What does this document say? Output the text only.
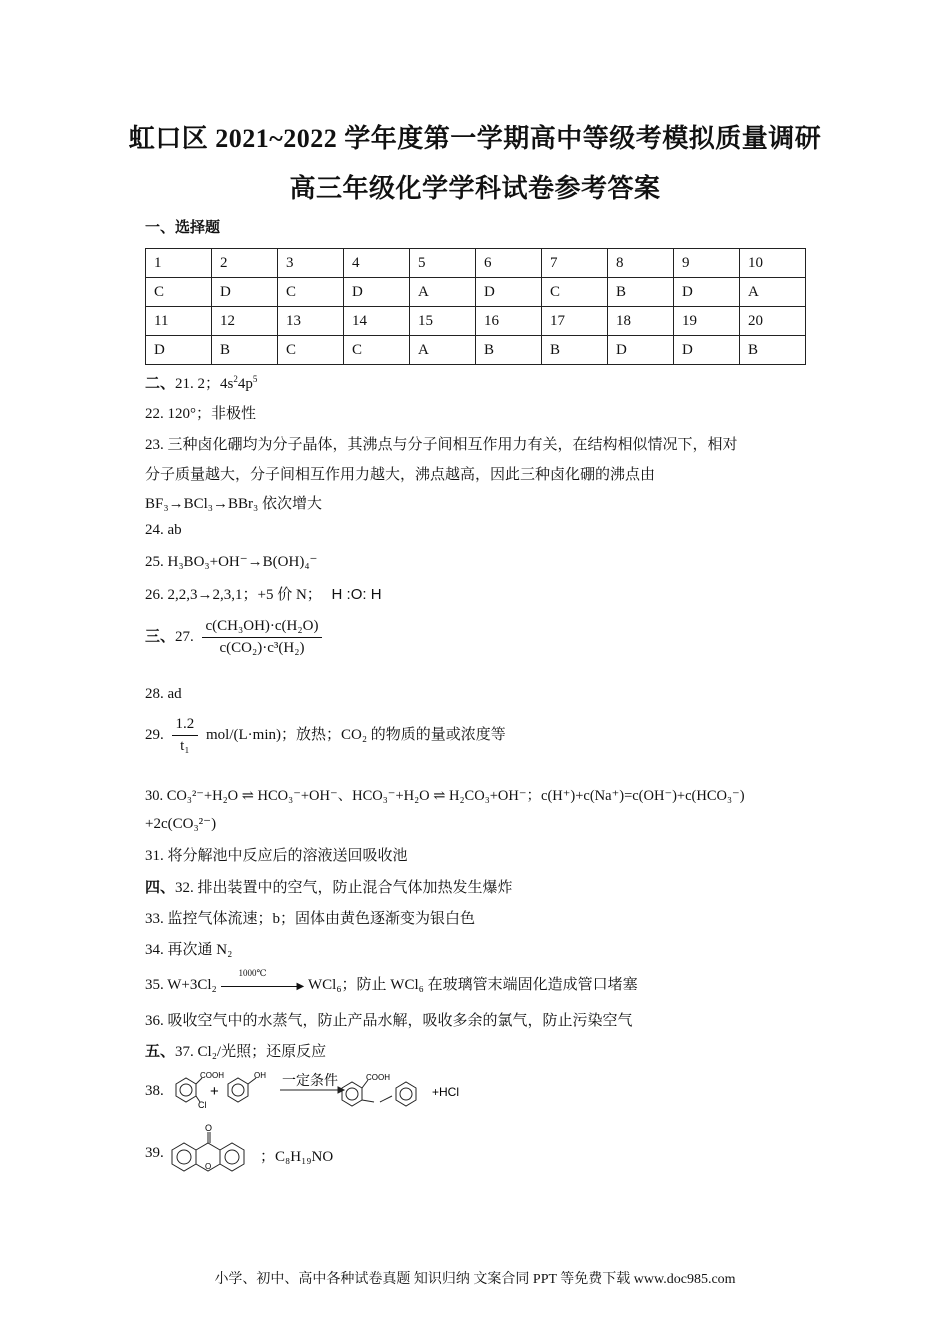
虹口区 2021~2022 学年度第一学期高中等级考模拟质量调研
高三年级化学学科试卷参考答案
一、选择题
1	2	3	4	5	6	7	8	9	10
C	D	C	D	A	D	C	B	D	A
11	12	13	14	15	16	17	18	19	20
D	B	C	C	A	B	B	D	D	B
二、21. 2；$4s^24p^5$
22. 120°；非极性
23. 三种卤化硼均为分子晶体，其沸点与分子间相互作用力有关，在结构相似情况下，相对
分子质量越大，分子间相互作用力越大，沸点越高，因此三种卤化硼的沸点由
BF₃→BCl₃→BBr₃ 依次增大
24. ab
25. H₃BO₃+OH⁻→B(OH)₄⁻
26. 2,2,3→2,3,1；+5 价 N； H :O: H
三、27. $\frac{\text{c(CH₃OH)·c(H₂O)}}{\text{c(CO₂)·c³(H₂)}}$
28. ad
29. $\frac{1.2}{\text{t₁}} mol/(L\cdot\min)$；放热；CO₂ 的物质的量或浓度等
30. CO₃²⁻+H₂O ⇌ HCO₃⁻+OH⁻、HCO₃⁻+H₂O ⇌ H₂CO₃+OH⁻；c(H⁺)+c(Na⁺)=c(OH⁻)+c(HCO₃⁻)
+2c(CO₃²⁻)
31. 将分解池中反应后的溶液送回吸收池
四、32. 排出装置中的空气，防止混合气体加热发生爆炸
33. 监控气体流速；b；固体由黄色逐渐变为银白色
34. 再次通 N₂
35. W+3Cl₂
1000℃
▶ WCl₆；防止 WCl₆ 在玻璃管末端固化造成管口堵塞
36. 吸收空气中的水蒸气，防止产品水解，吸收多余的氯气，防止污染空气
五、37. Cl₂/光照；还原反应
38.
COOH
Cl
+
OH 一定条件	COOH
+HCl
39.
O
O
；C₈H₁₉NO
小学、初中、高中各种试卷真题 知识归纳 文案合同 PPT 等免费下载 www.doc985.com
